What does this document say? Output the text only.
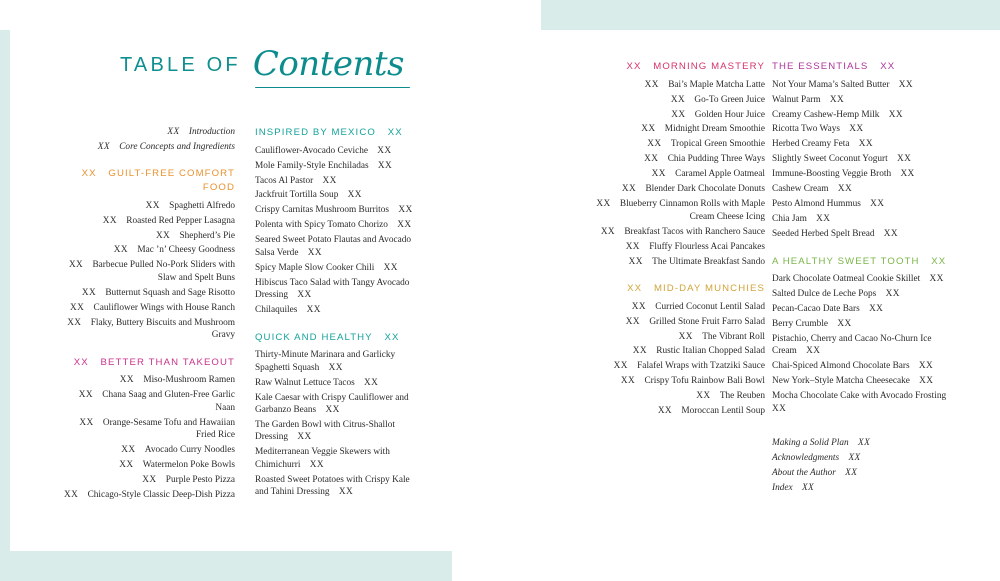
TABLE OF Contents
XX  Introduction
XX  Core Concepts and Ingredients
XX   GUILT-FREE COMFORT FOOD
XX  Spaghetti Alfredo
XX  Roasted Red Pepper Lasagna
XX  Shepherd’s Pie
XX  Mac ’n’ Cheesy Goodness
XX  Barbecue Pulled No-Pork Sliders with Slaw and Spelt Buns
XX  Butternut Squash and Sage Risotto
XX  Cauliflower Wings with House Ranch
XX  Flaky, Buttery Biscuits and Mushroom Gravy
XX   BETTER THAN TAKEOUT
XX  Miso-Mushroom Ramen
XX  Chana Saag and Gluten-Free Garlic Naan
XX  Orange-Sesame Tofu and Hawaiian Fried Rice
XX  Avocado Curry Noodles
XX  Watermelon Poke Bowls
XX  Purple Pesto Pizza
XX  Chicago-Style Classic Deep-Dish Pizza
INSPIRED BY MEXICO   XX
Cauliflower-Avocado Ceviche  XX
Mole Family-Style Enchiladas  XX
Tacos Al Pastor  XX
Jackfruit Tortilla Soup  XX
Crispy Carnitas Mushroom Burritos  XX
Polenta with Spicy Tomato Chorizo  XX
Seared Sweet Potato Flautas and Avocado Salsa Verde  XX
Spicy Maple Slow Cooker Chili  XX
Hibiscus Taco Salad with Tangy Avocado Dressing  XX
Chilaquiles  XX
QUICK AND HEALTHY   XX
Thirty-Minute Marinara and Garlicky Spaghetti Squash  XX
Raw Walnut Lettuce Tacos  XX
Kale Caesar with Crispy Cauliflower and Garbanzo Beans  XX
The Garden Bowl with Citrus-Shallot Dressing  XX
Mediterranean Veggie Skewers with Chimichurri  XX
Roasted Sweet Potatoes with Crispy Kale and Tahini Dressing  XX
XX   MORNING MASTERY
XX  Bai’s Maple Matcha Latte
XX  Go-To Green Juice
XX  Golden Hour Juice
XX  Midnight Dream Smoothie
XX  Tropical Green Smoothie
XX  Chia Pudding Three Ways
XX  Caramel Apple Oatmeal
XX  Blender Dark Chocolate Donuts
XX  Blueberry Cinnamon Rolls with Maple Cream Cheese Icing
XX  Breakfast Tacos with Ranchero Sauce
XX  Fluffy Flourless Acai Pancakes
XX  The Ultimate Breakfast Sando
XX   MID-DAY MUNCHIES
XX  Curried Coconut Lentil Salad
XX  Grilled Stone Fruit Farro Salad
XX  The Vibrant Roll
XX  Rustic Italian Chopped Salad
XX  Falafel Wraps with Tzatziki Sauce
XX  Crispy Tofu Rainbow Bali Bowl
XX  The Reuben
XX  Moroccan Lentil Soup
THE ESSENTIALS   XX
Not Your Mama’s Salted Butter  XX
Walnut Parm  XX
Creamy Cashew-Hemp Milk  XX
Ricotta Two Ways  XX
Herbed Creamy Feta  XX
Slightly Sweet Coconut Yogurt  XX
Immune-Boosting Veggie Broth  XX
Cashew Cream  XX
Pesto Almond Hummus  XX
Chia Jam  XX
Seeded Herbed Spelt Bread  XX
A HEALTHY SWEET TOOTH   XX
Dark Chocolate Oatmeal Cookie Skillet  XX
Salted Dulce de Leche Pops  XX
Pecan-Cacao Date Bars  XX
Berry Crumble  XX
Pistachio, Cherry and Cacao No-Churn Ice Cream  XX
Chai-Spiced Almond Chocolate Bars  XX
New York–Style Matcha Cheesecake  XX
Mocha Chocolate Cake with Avocado Frosting XX
Making a Solid Plan  XX
Acknowledgments  XX
About the Author  XX
Index  XX
